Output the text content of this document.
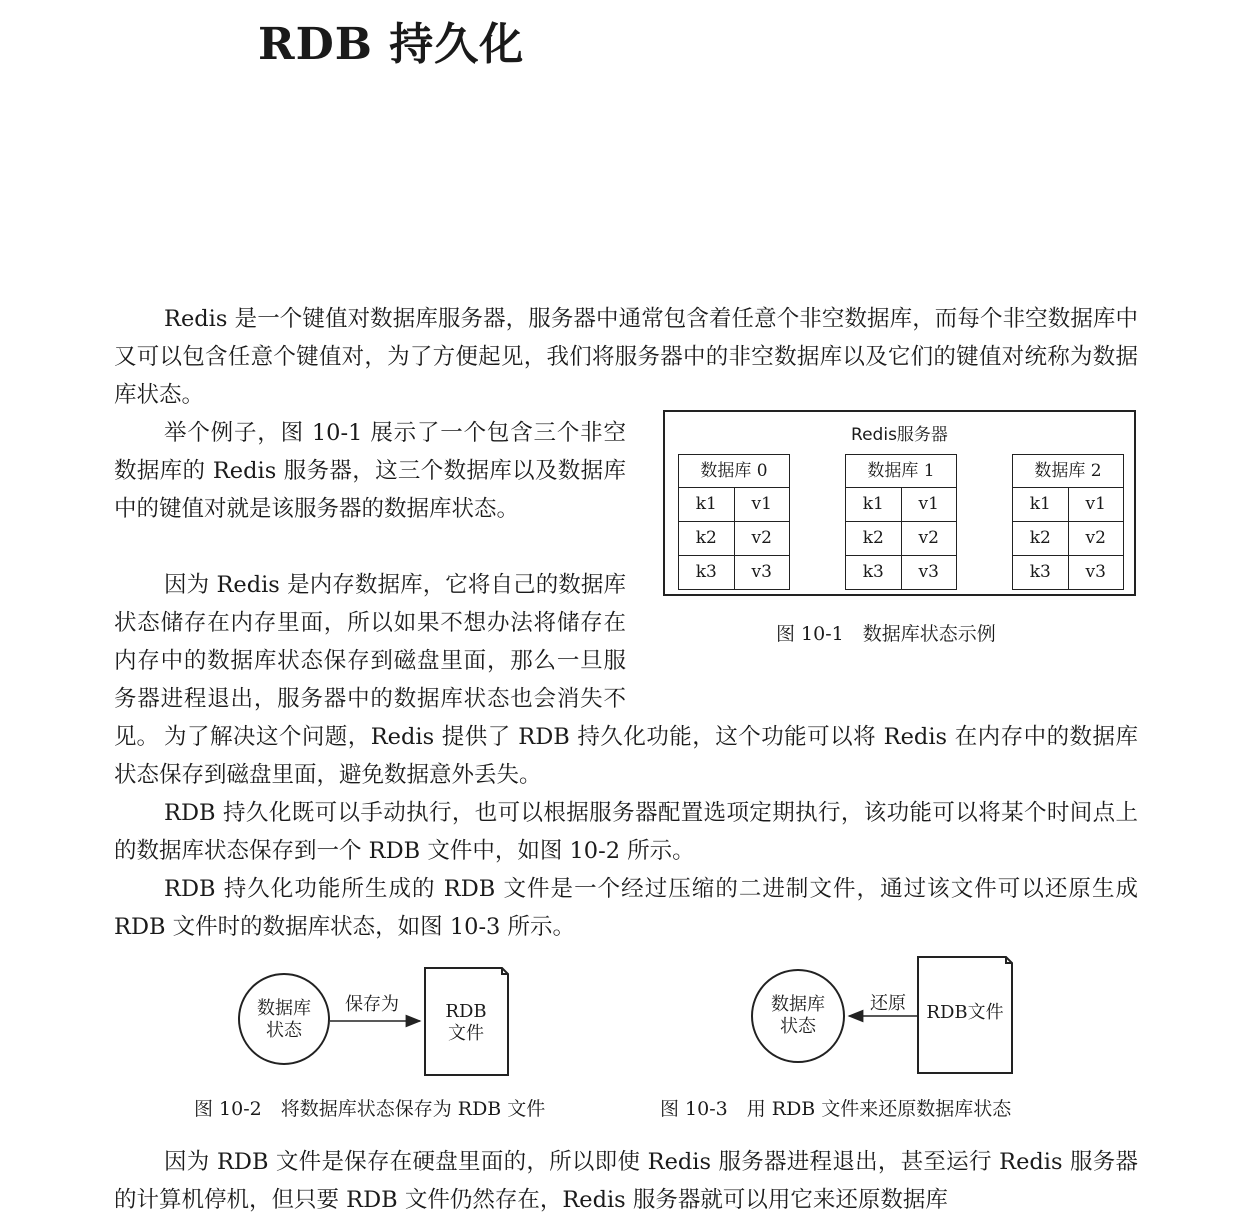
RDB 持久化

Redis 是一个键值对数据库服务器，服务器中通常包含着任意个非空数据库，而每个非空数据库中又可以包含任意个键值对，为了方便起见，我们将服务器中的非空数据库以及它们的键值对统称为数据库状态。

举个例子，图 10-1 展示了一个包含三个非空数据库的 Redis 服务器，这三个数据库以及数据库中的键值对就是该服务器的数据库状态。

因为 Redis 是内存数据库，它将自己的数据库状态储存在内存里面，所以如果不想办法将储存在内存中的数据库状态保存到磁盘里面，那么一旦服务器进程退出，服务器中的数据库状态也会消失不见。

Redis服务器
数据库 0
k1	v1
k2	v2
k3	v3
数据库 1
k1	v1
k2	v2
k3	v3
数据库 2
k1	v1
k2	v2
k3	v3
图 10-1　数据库状态示例

为了解决这个问题，Redis 提供了 RDB 持久化功能，这个功能可以将 Redis 在内存中的数据库状态保存到磁盘里面，避免数据意外丢失。

RDB 持久化既可以手动执行，也可以根据服务器配置选项定期执行，该功能可以将某个时间点上的数据库状态保存到一个 RDB 文件中，如图 10-2 所示。

RDB 持久化功能所生成的 RDB 文件是一个经过压缩的二进制文件，通过该文件可以还原生成 RDB 文件时的数据库状态，如图 10-3 所示。

数据库
状态
保存为	RDB
文件
图 10-2　将数据库状态保存为 RDB 文件
数据库
状态
还原	RDB文件
图 10-3　用 RDB 文件来还原数据库状态

因为 RDB 文件是保存在硬盘里面的，所以即使 Redis 服务器进程退出，甚至运行 Redis 服务器的计算机停机，但只要 RDB 文件仍然存在，Redis 服务器就可以用它来还原数据库
